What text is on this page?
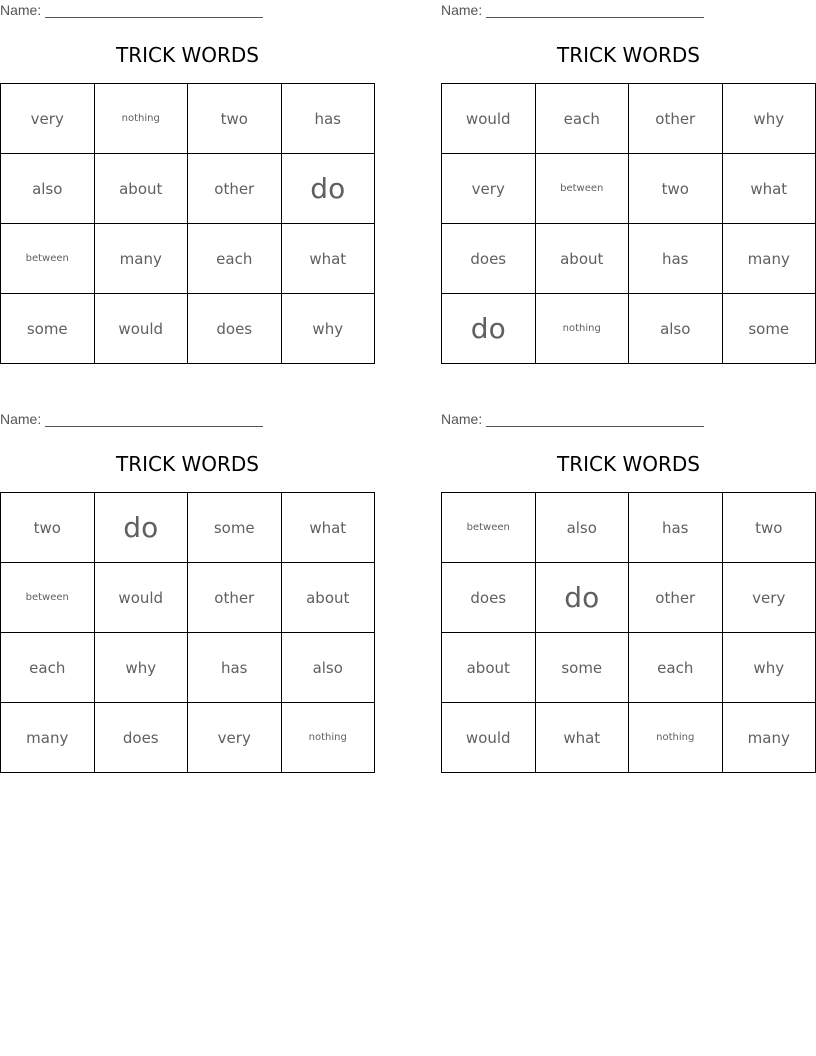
Name:
TRICK WORDS
very	nothing	two	has
also	about	other	do
between	many	each	what
some	would	does	why
Name:
TRICK WORDS
would	each	other	why
very	between	two	what
does	about	has	many
do	nothing	also	some
Name:
TRICK WORDS
two	do	some	what
between	would	other	about
each	why	has	also
many	does	very	nothing
Name:
TRICK WORDS
between	also	has	two
does	do	other	very
about	some	each	why
would	what	nothing	many
